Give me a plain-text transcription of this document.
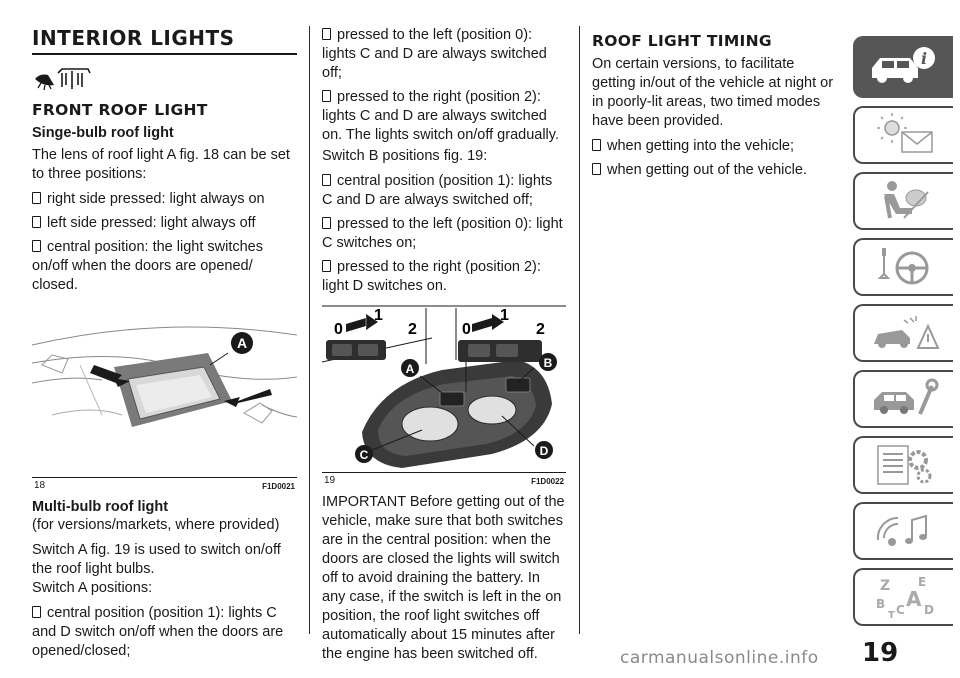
INTERIOR LIGHTS
FRONT ROOF LIGHT
Singe-bulb roof light

The lens of roof light A fig. 18 can be set to three positions:

right side pressed: light always on
left side pressed: light always off
central position: the light switches on/off when the doors are opened/ closed.
A
18	F1D0021
Multi-bulb roof light

(for versions/markets, where provided)

Switch A fig. 19 is used to switch on/off the roof light bulbs.

Switch A positions:

central position (position 1): lights C and D switch on/off when the doors are opened/closed;
pressed to the left (position 0): lights C and D are always switched off;
pressed to the right (position 2): lights C and D are always switched on. The lights switch on/off gradually.

Switch B positions fig. 19:

central position (position 1): lights C and D are always switched off;
pressed to the left (position 0): light C switches on;
pressed to the right (position 2): light D switches on.
0
1
2	0
1
2
A	B
C	D
19	F1D0022

IMPORTANT Before getting out of the vehicle, make sure that both switches are in the central position: when the doors are closed the lights will switch off to avoid draining the battery. In any case, if the switch is left in the on position, the roof light switches off automatically about 15 minutes after the engine has been switched off.

ROOF LIGHT TIMING

On certain versions, to facilitate getting in/out of the vehicle at night or in poorly-lit areas, two timed modes have been provided.

when getting into the vehicle;
when getting out of the vehicle.
i
Z E
B A
C D
T
19
carmanualsonline.info
